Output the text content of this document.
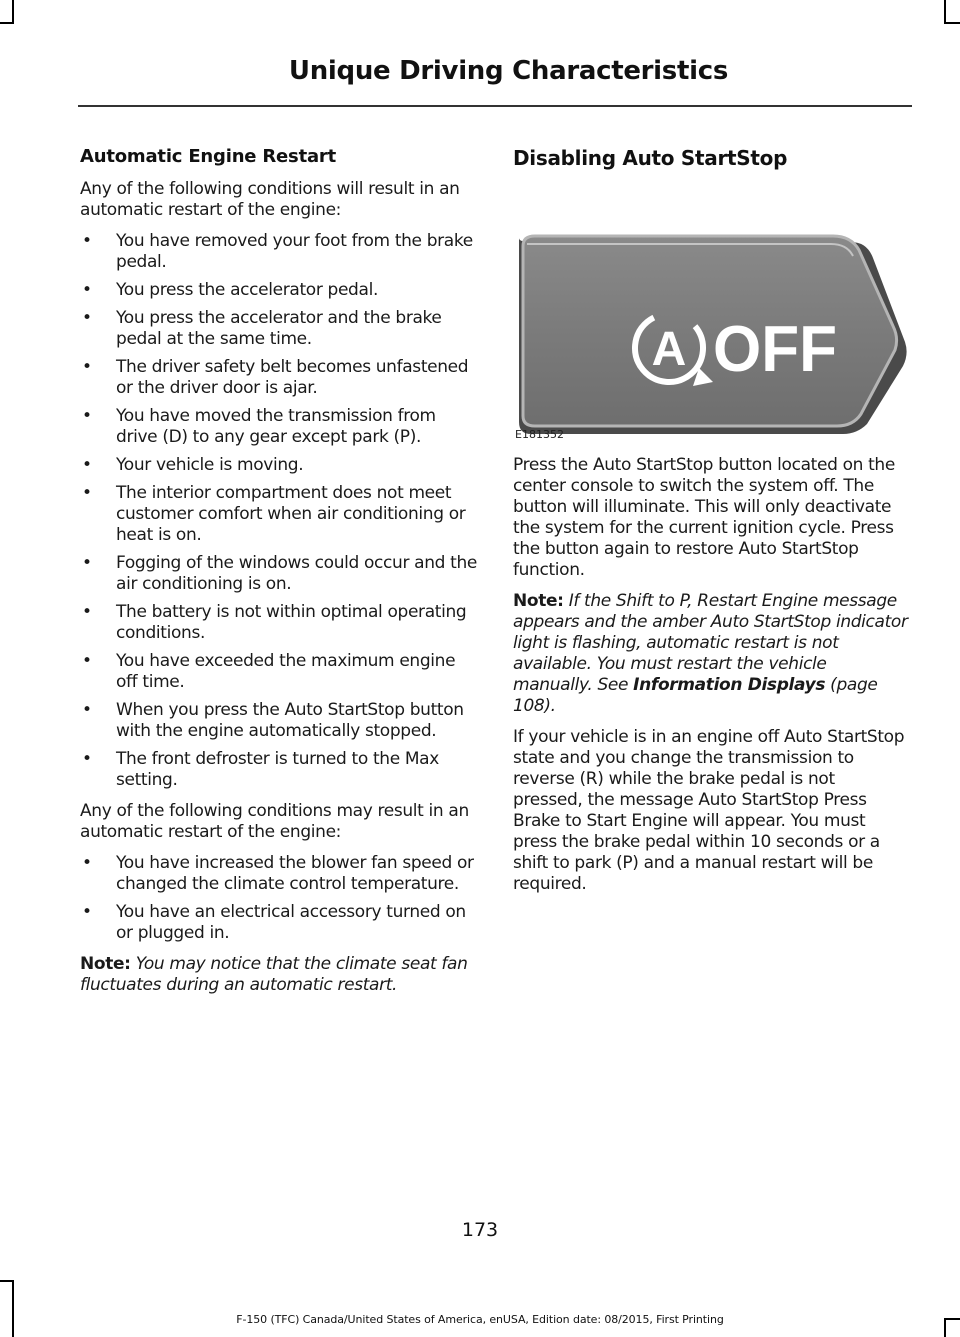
Unique Driving Characteristics
Automatic Engine Restart

Any of the following conditions will result in an automatic restart of the engine:

• You have removed your foot from the brake pedal.
• You press the accelerator pedal.
• You press the accelerator and the brake pedal at the same time.
• The driver safety belt becomes unfastened or the driver door is ajar.
• You have moved the transmission from drive (D) to any gear except park (P).
• Your vehicle is moving.
• The interior compartment does not meet customer comfort when air conditioning or heat is on.
• Fogging of the windows could occur and the air conditioning is on.
• The battery is not within optimal operating conditions.
• You have exceeded the maximum engine off time.
• When you press the Auto StartStop button with the engine automatically stopped.
• The front defroster is turned to the Max setting.

Any of the following conditions may result in an automatic restart of the engine:

• You have increased the blower fan speed or changed the climate control temperature.
• You have an electrical accessory turned on or plugged in.

Note: You may notice that the climate seat fan fluctuates during an automatic restart.

Disabling Auto StartStop
A OFF
E181352

Press the Auto StartStop button located on the center console to switch the system off. The button will illuminate. This will only deactivate the system for the current ignition cycle. Press the button again to restore Auto StartStop function.

Note: If the Shift to P, Restart Engine message appears and the amber Auto StartStop indicator light is flashing, automatic restart is not available. You must restart the vehicle manually. See Information Displays (page 108).

If your vehicle is in an engine off Auto StartStop state and you change the transmission to reverse (R) while the brake pedal is not pressed, the message Auto StartStop Press Brake to Start Engine will appear. You must press the brake pedal within 10 seconds or a shift to park (P) and a manual restart will be required.

173
F-150 (TFC) Canada/United States of America, enUSA, Edition date: 08/2015, First Printing
